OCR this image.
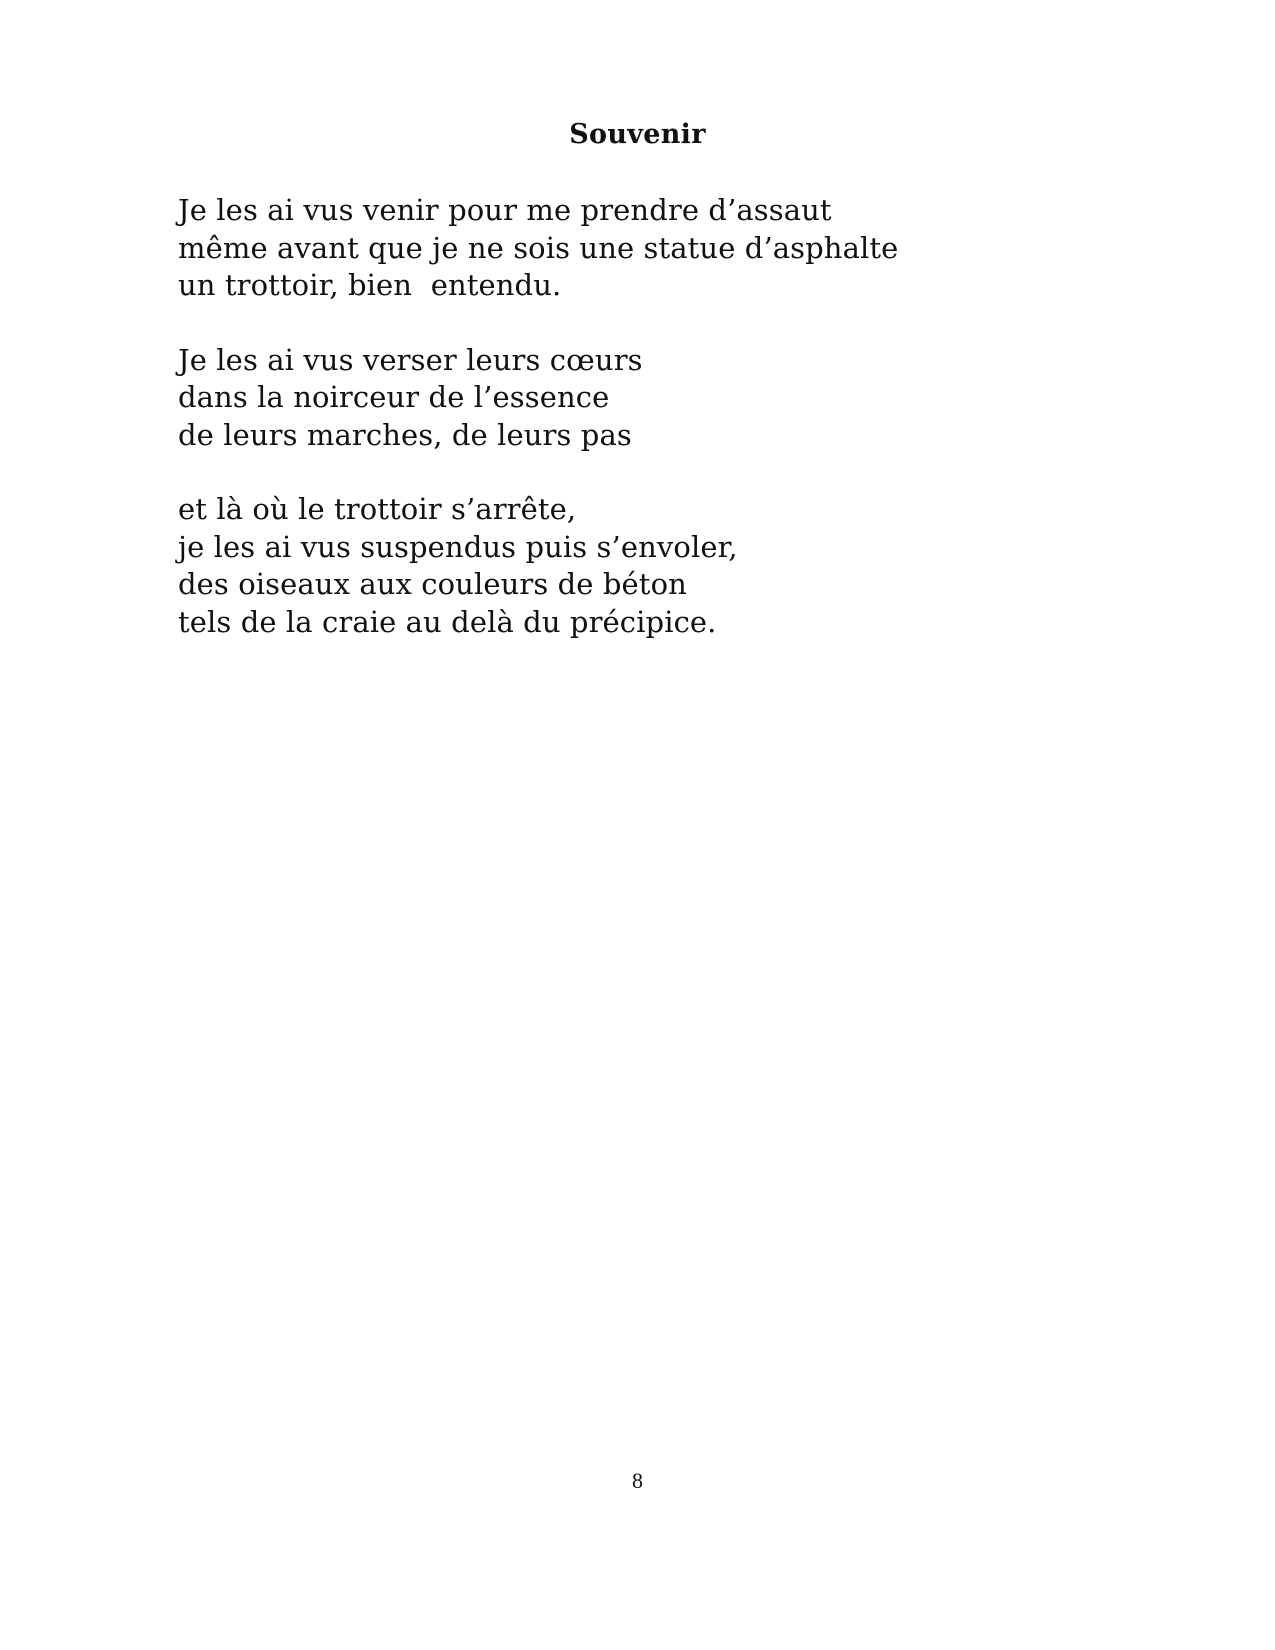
Souvenir
Je les ai vus venir pour me prendre d’assaut
même avant que je ne sois une statue d’asphalte
un trottoir, bien  entendu.
Je les ai vus verser leurs cœurs
dans la noirceur de l’essence
de leurs marches, de leurs pas
et là où le trottoir s’arrête,
je les ai vus suspendus puis s’envoler,
des oiseaux aux couleurs de béton
tels de la craie au delà du précipice.
8
